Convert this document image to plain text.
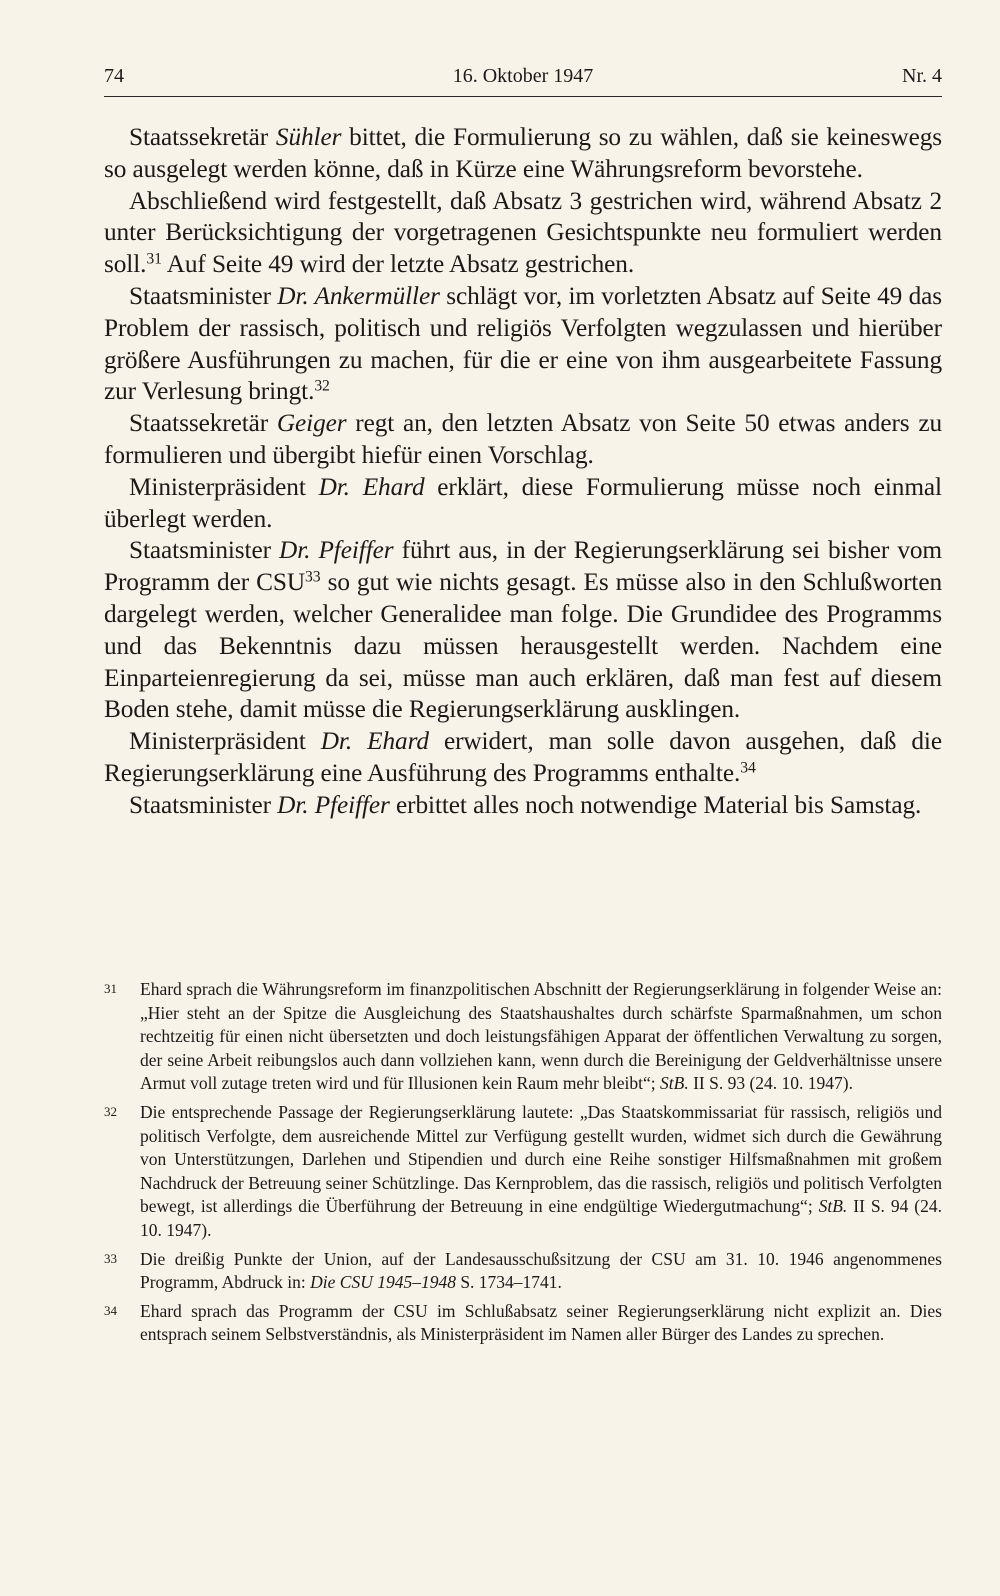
74	16. Oktober 1947	Nr. 4

Staatssekretär Sühler bittet, die Formulierung so zu wählen, daß sie keineswegs so ausgelegt werden könne, daß in Kürze eine Währungsreform bevorstehe.

Abschließend wird festgestellt, daß Absatz 3 gestrichen wird, während Absatz 2 unter Berücksichtigung der vorgetragenen Gesichtspunkte neu formuliert werden soll.$^{31}$ Auf Seite 49 wird der letzte Absatz gestrichen.

Staatsminister Dr. Ankermüller schlägt vor, im vorletzten Absatz auf Seite 49 das Problem der rassisch, politisch und religiös Verfolgten wegzulassen und hierüber größere Ausführungen zu machen, für die er eine von ihm ausgearbeitete Fassung zur Verlesung bringt.$^{32}$

Staatssekretär Geiger regt an, den letzten Absatz von Seite 50 etwas anders zu formulieren und übergibt hiefür einen Vorschlag.

Ministerpräsident Dr. Ehard erklärt, diese Formulierung müsse noch einmal überlegt werden.

Staatsminister Dr. Pfeiffer führt aus, in der Regierungserklärung sei bisher vom Programm der CSU$^{33}$ so gut wie nichts gesagt. Es müsse also in den Schlußworten dargelegt werden, welcher Generalidee man folge. Die Grundidee des Programms und das Bekenntnis dazu müssen herausgestellt werden. Nachdem eine Einparteienregierung da sei, müsse man auch erklären, daß man fest auf diesem Boden stehe, damit müsse die Regierungserklärung ausklingen.

Ministerpräsident Dr. Ehard erwidert, man solle davon ausgehen, daß die Regierungserklärung eine Ausführung des Programms enthalte.$^{34}$

Staatsminister Dr. Pfeiffer erbittet alles noch notwendige Material bis Samstag.

31 Ehard sprach die Währungsreform im finanzpolitischen Abschnitt der Regierungserklärung in folgender Weise an: „Hier steht an der Spitze die Ausgleichung des Staatshaushaltes durch schärfste Sparmaßnahmen, um schon rechtzeitig für einen nicht übersetzten und doch leistungsfähigen Apparat der öffentlichen Verwaltung zu sorgen, der seine Arbeit reibungslos auch dann vollziehen kann, wenn durch die Bereinigung der Geldverhältnisse unsere Armut voll zutage treten wird und für Illusionen kein Raum mehr bleibt“; StB. II S. 93 (24. 10. 1947).
32 Die entsprechende Passage der Regierungserklärung lautete: „Das Staatskommissariat für rassisch, religiös und politisch Verfolgte, dem ausreichende Mittel zur Verfügung gestellt wurden, widmet sich durch die Gewährung von Unterstützungen, Darlehen und Stipendien und durch eine Reihe sonstiger Hilfsmaßnahmen mit großem Nachdruck der Betreuung seiner Schützlinge. Das Kernproblem, das die rassisch, religiös und politisch Verfolgten bewegt, ist allerdings die Überführung der Betreuung in eine endgültige Wiedergutmachung“; StB. II S. 94 (24. 10. 1947).
33 Die dreißig Punkte der Union, auf der Landesausschußsitzung der CSU am 31. 10. 1946 angenommenes Programm, Abdruck in: Die CSU 1945–1948 S. 1734–1741.
34 Ehard sprach das Programm der CSU im Schlußabsatz seiner Regierungserklärung nicht explizit an. Dies entsprach seinem Selbstverständnis, als Ministerpräsident im Namen aller Bürger des Landes zu sprechen.
